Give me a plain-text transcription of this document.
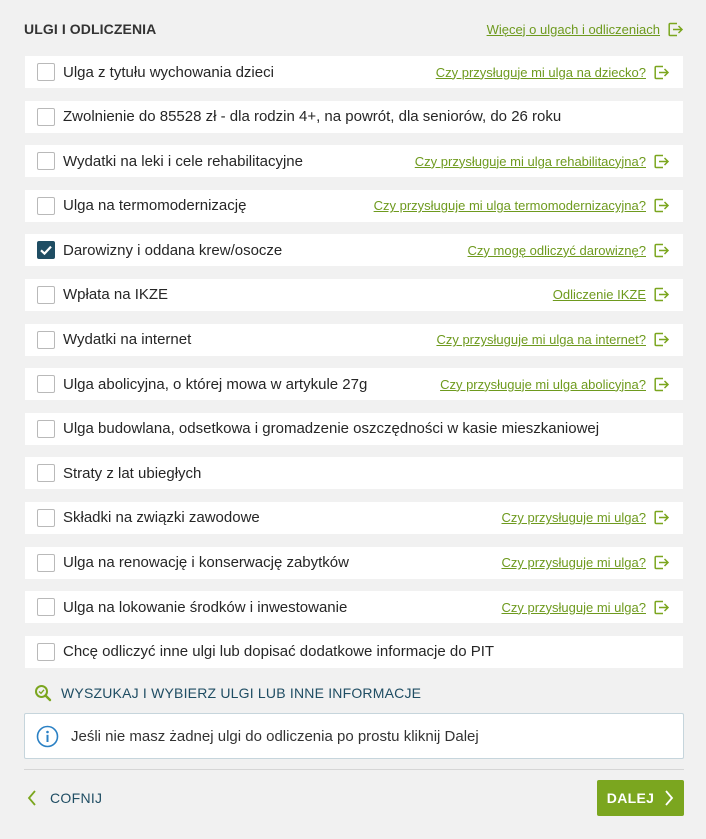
ULGI I ODLICZENIA	Więcej o ulgach i odliczeniach
Ulga z tytułu wychowania dzieci	Czy przysługuje mi ulga na dziecko?
Zwolnienie do 85528 zł - dla rodzin 4+, na powrót, dla seniorów, do 26 roku
Wydatki na leki i cele rehabilitacyjne	Czy przysługuje mi ulga rehabilitacyjna?
Ulga na termomodernizację	Czy przysługuje mi ulga termomodernizacyjna?
Darowizny i oddana krew/osocze	Czy mogę odliczyć darowiznę?
Wpłata na IKZE	Odliczenie IKZE
Wydatki na internet	Czy przysługuje mi ulga na internet?
Ulga abolicyjna, o której mowa w artykule 27g	Czy przysługuje mi ulga abolicyjna?
Ulga budowlana, odsetkowa i gromadzenie oszczędności w kasie mieszkaniowej
Straty z lat ubiegłych
Składki na związki zawodowe	Czy przysługuje mi ulga?
Ulga na renowację i konserwację zabytków	Czy przysługuje mi ulga?
Ulga na lokowanie środków i inwestowanie	Czy przysługuje mi ulga?
Chcę odliczyć inne ulgi lub dopisać dodatkowe informacje do PIT
WYSZUKAJ I WYBIERZ ULGI LUB INNE INFORMACJE
Jeśli nie masz żadnej ulgi do odliczenia po prostu kliknij Dalej
COFNIJ	DALEJ
